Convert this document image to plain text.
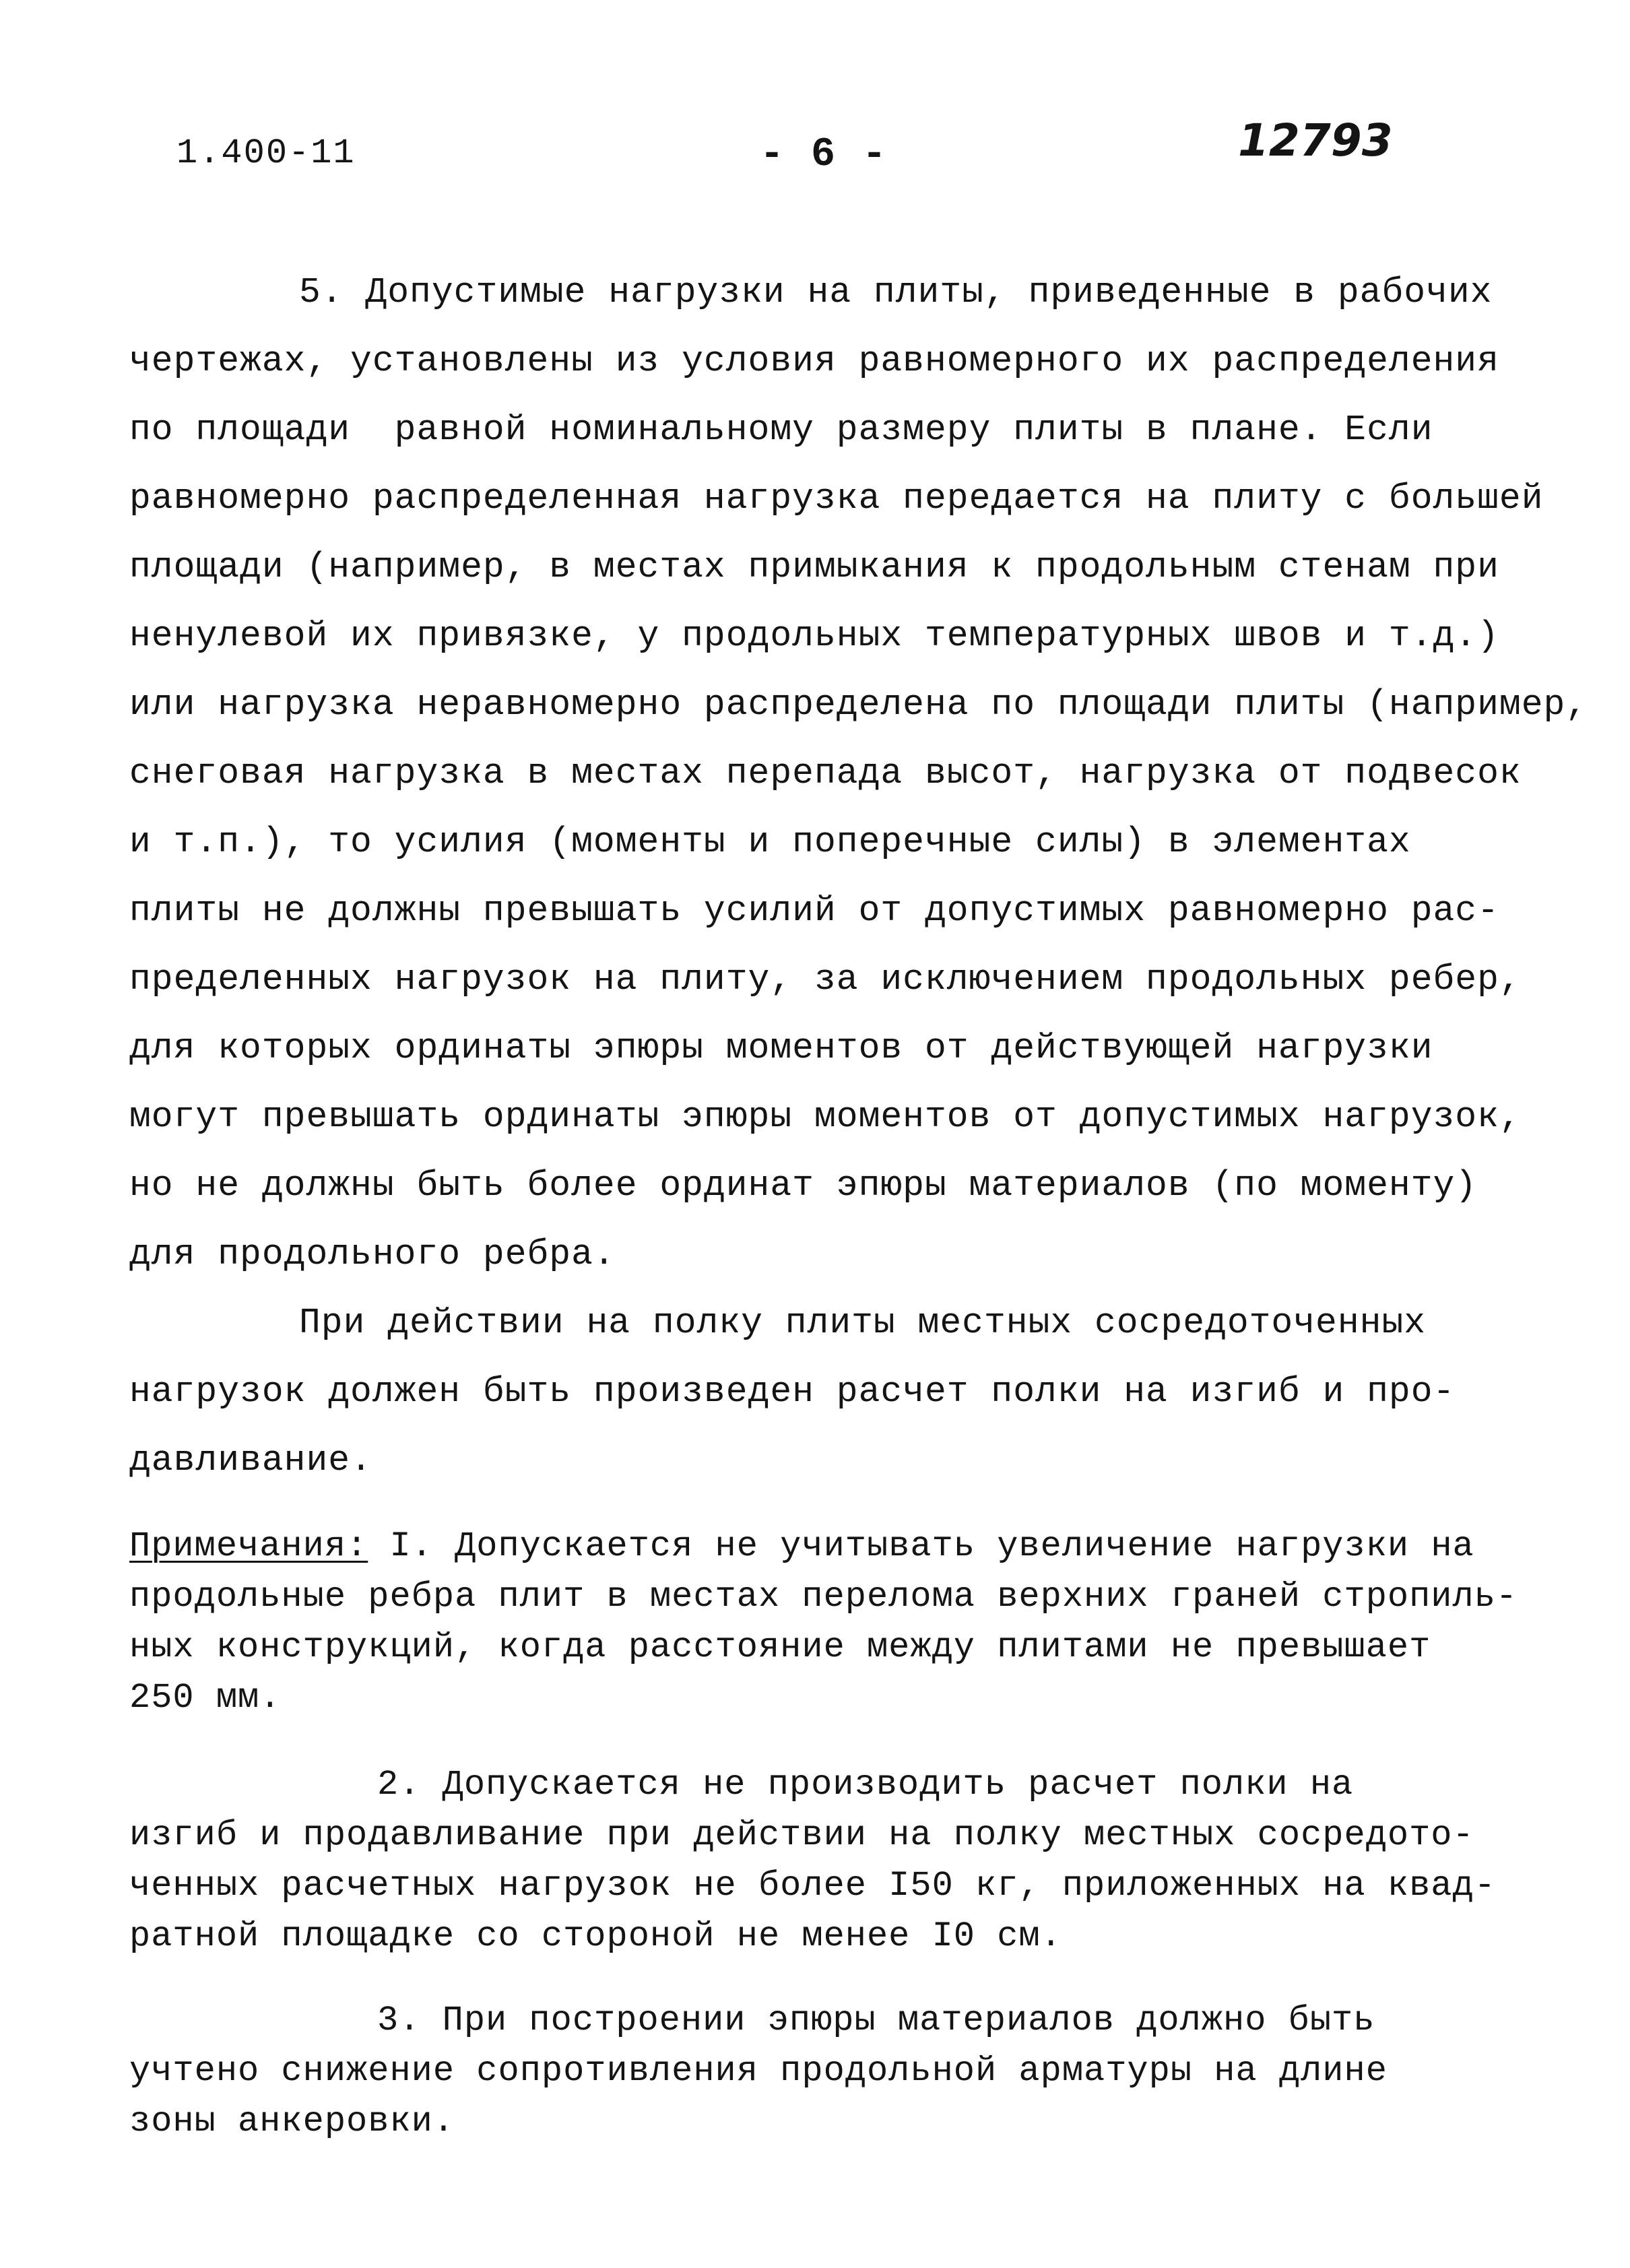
1.400-11	- 6 -	12793
5. Допустимые нагрузки на плиты, приведенные в рабочих
чертежах, установлены из условия равномерного их распределения
по площади  равной номинальному размеру плиты в плане. Если
равномерно распределенная нагрузка передается на плиту с большей
площади (например, в местах примыкания к продольным стенам при
ненулевой их привязке, у продольных температурных швов и т.д.)
или нагрузка неравномерно распределена по площади плиты (например,
снеговая нагрузка в местах перепада высот, нагрузка от подвесок
и т.п.), то усилия (моменты и поперечные силы) в элементах
плиты не должны превышать усилий от допустимых равномерно рас-
пределенных нагрузок на плиту, за исключением продольных ребер,
для которых ординаты эпюры моментов от действующей нагрузки
могут превышать ординаты эпюры моментов от допустимых нагрузок,
но не должны быть более ординат эпюры материалов (по моменту)
для продольного ребра.
При действии на полку плиты местных сосредоточенных
нагрузок должен быть произведен расчет полки на изгиб и про-
давливание.
Примечания: I. Допускается не учитывать увеличение нагрузки на
продольные ребра плит в местах перелома верхних граней стропиль-
ных конструкций, когда расстояние между плитами не превышает
250 мм.
2. Допускается не производить расчет полки на
изгиб и продавливание при действии на полку местных сосредото-
ченных расчетных нагрузок не более I50 кг, приложенных на квад-
ратной площадке со стороной не менее I0 см.
3. При построении эпюры материалов должно быть
учтено снижение сопротивления продольной арматуры на длине
зоны анкеровки.
